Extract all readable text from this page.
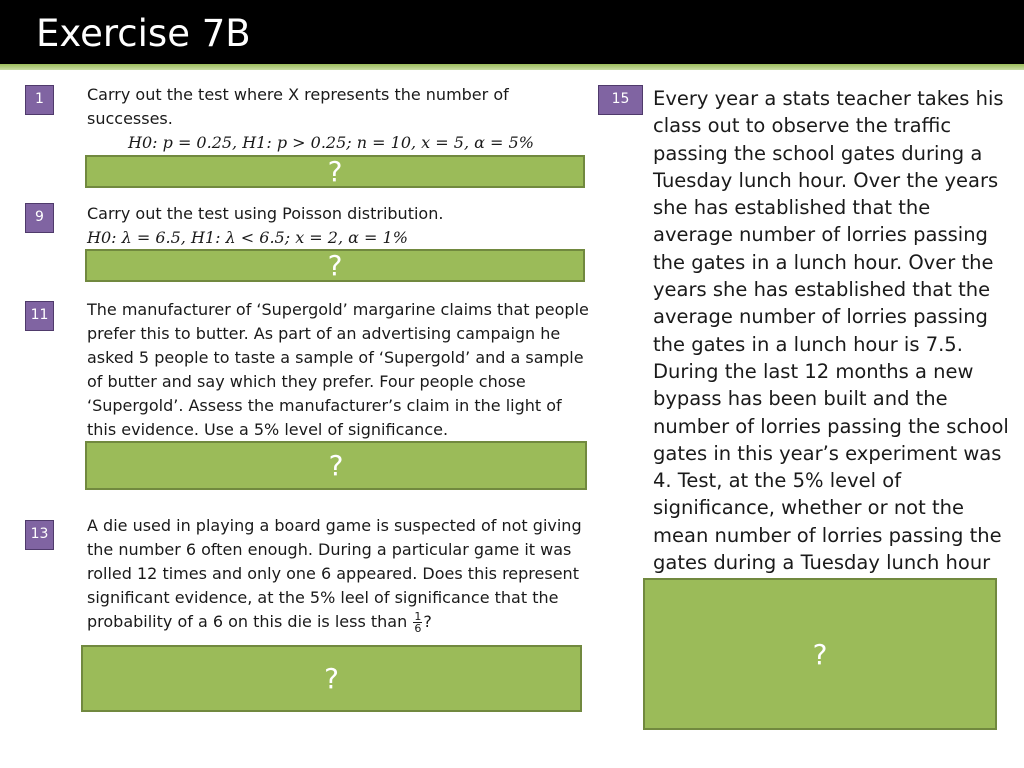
Exercise 7B
1	Carry out the test where X represents the number of successes.
H0: p = 0.25, H1: p > 0.25; n = 10, x = 5, α = 5%
?
9	Carry out the test using Poisson distribution.
H0: λ = 6.5, H1: λ < 6.5; x = 2, α = 1%
?
11	The manufacturer of ‘Supergold’ margarine claims that people prefer this to butter. As part of an advertising campaign he asked 5 people to taste a sample of ‘Supergold’ and a sample of butter and say which they prefer. Four people chose ‘Supergold’. Assess the manufacturer’s claim in the light of this evidence. Use a 5% level of significance.
?
13	A die used in playing a board game is suspected of not giving the number 6 often enough. During a particular game it was rolled 12 times and only one 6 appeared. Does this represent significant evidence, at the 5% leel of significance that the probability of a 6 on this die is less than $\frac{1}{6}$ ?
?
15	Every year a stats teacher takes his class out to observe the traffic passing the school gates during a Tuesday lunch hour. Over the years she has established that the average number of lorries passing the gates in a lunch hour. Over the years she has established that the average number of lorries passing the gates in a lunch hour is 7.5. During the last 12 months a new bypass has been built and the number of lorries passing the school gates in this year’s experiment was 4. Test, at the 5% level of significance, whether or not the mean number of lorries passing the gates during a Tuesday lunch hour
?
